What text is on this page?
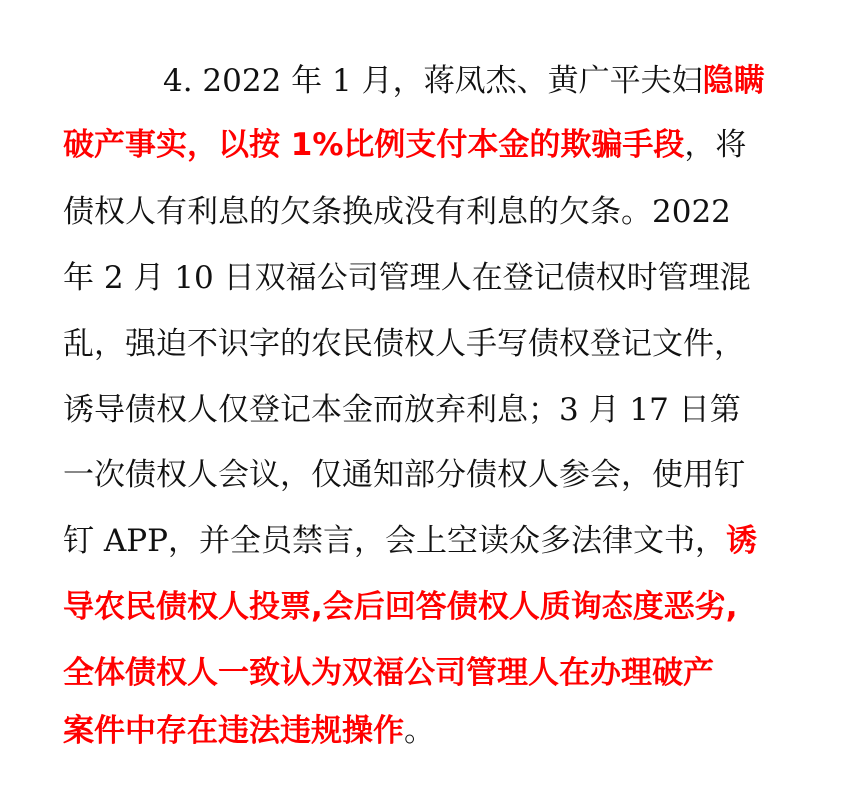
4. 2022 年 1 月，蒋凤杰、黄广平夫妇隐瞒
破产事实，以按 1%比例支付本金的欺骗手段，将
债权人有利息的欠条换成没有利息的欠条。2022
年 2 月 10 日双福公司管理人在登记债权时管理混
乱，强迫不识字的农民债权人手写债权登记文件，
诱导债权人仅登记本金而放弃利息；3 月 17 日第
一次债权人会议，仅通知部分债权人参会，使用钉
钉 APP，并全员禁言，会上空读众多法律文书，诱
导农民债权人投票,会后回答债权人质询态度恶劣,
全体债权人一致认为双福公司管理人在办理破产
案件中存在违法违规操作。
